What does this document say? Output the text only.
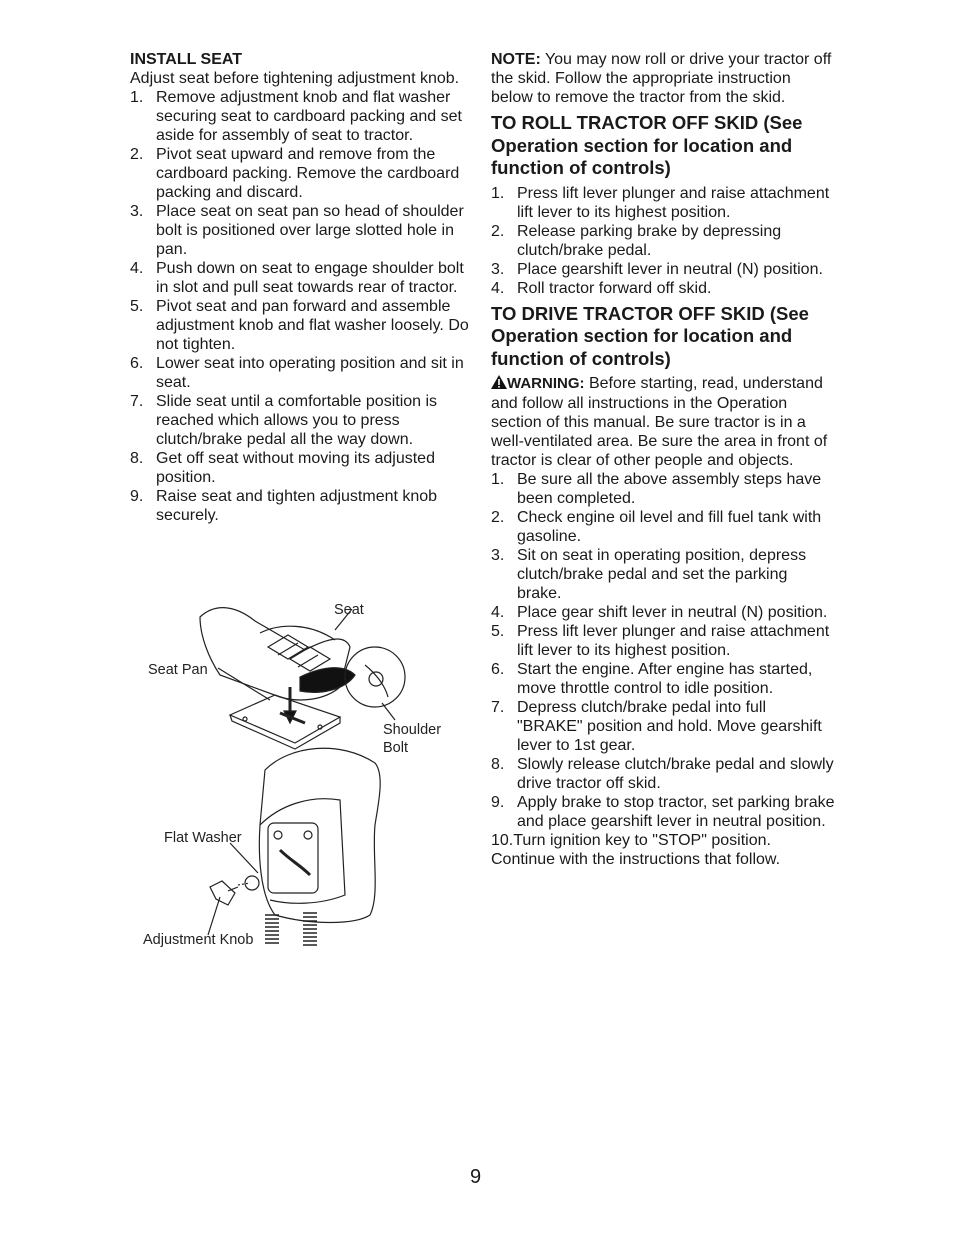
INSTALL SEAT

Adjust seat before tightening adjustment knob.

1. Remove adjustment knob and flat washer securing seat to cardboard packing and set aside for assembly of seat to tractor.
2. Pivot seat upward and remove from the cardboard packing. Remove the cardboard packing and discard.
3. Place seat on seat pan so head of shoulder bolt is positioned over large slotted hole in pan.
4. Push down on seat to engage shoulder bolt in slot and pull seat towards rear of tractor.
5. Pivot seat and pan forward and assemble adjustment knob and flat washer loosely. Do not tighten.
6. Lower seat into operating position and sit in seat.
7. Slide seat until a comfortable position is reached which allows you to press clutch/brake pedal all the way down.
8. Get off seat without moving its adjusted position.
9. Raise seat and tighten adjustment knob securely.
Seat
Seat Pan
Shoulder
Bolt
Flat Washer
Adjustment Knob

NOTE: You may now roll or drive your tractor off the skid. Follow the appropriate instruction below to remove the tractor from the skid.

TO ROLL TRACTOR OFF SKID (See Operation section for location and function of controls)
1. Press lift lever plunger and raise attachment lift lever to its highest position.
2. Release parking brake by depressing clutch/brake pedal.
3. Place gearshift lever in neutral (N) position.
4. Roll tractor forward off skid.
TO DRIVE TRACTOR OFF SKID (See Operation section for location and function of controls)

WARNING: Before starting, read, understand and follow all instructions in the Operation section of this manual. Be sure tractor is in a well-ventilated area. Be sure the area in front of tractor is clear of other people and objects.

1. Be sure all the above assembly steps have been completed.
2. Check engine oil level and fill fuel tank with gasoline.
3. Sit on seat in operating position, depress clutch/brake pedal and set the parking brake.
4. Place gear shift lever in neutral (N) position.
5. Press lift lever plunger and raise attachment lift lever to its highest position.
6. Start the engine. After engine has started, move throttle control to idle position.
7. Depress clutch/brake pedal into full "BRAKE" position and hold. Move gearshift lever to 1st gear.
8. Slowly release clutch/brake pedal and slowly drive tractor off skid.
9. Apply brake to stop tractor, set parking brake and place gearshift lever in neutral position.

10.Turn ignition key to "STOP" position.

Continue with the instructions that follow.

9
